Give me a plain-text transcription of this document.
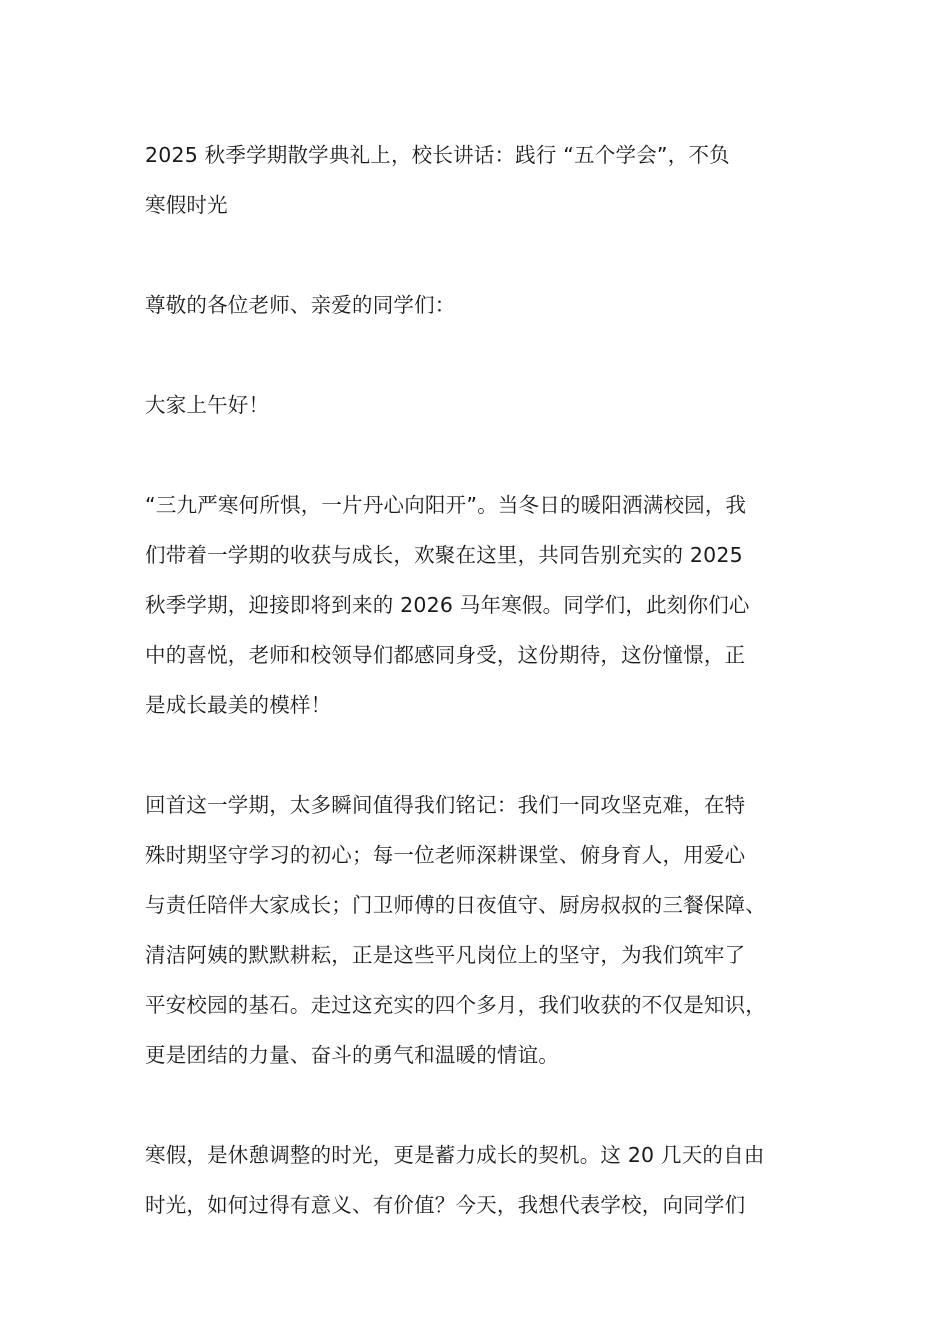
2025 秋季学期散学典礼上，校长讲话：践行 “五个学会”，不负
寒假时光

尊敬的各位老师、亲爱的同学们：

大家上午好！

“三九严寒何所惧，一片丹心向阳开”。当冬日的暖阳洒满校园，我
们带着一学期的收获与成长，欢聚在这里，共同告别充实的 2025
秋季学期，迎接即将到来的 2026 马年寒假。同学们，此刻你们心
中的喜悦，老师和校领导们都感同身受，这份期待，这份憧憬，正
是成长最美的模样！

回首这一学期，太多瞬间值得我们铭记：我们一同攻坚克难，在特
殊时期坚守学习的初心；每一位老师深耕课堂、俯身育人，用爱心
与责任陪伴大家成长；门卫师傅的日夜值守、厨房叔叔的三餐保障、
清洁阿姨的默默耕耘，正是这些平凡岗位上的坚守，为我们筑牢了
平安校园的基石。走过这充实的四个多月，我们收获的不仅是知识，
更是团结的力量、奋斗的勇气和温暖的情谊。

寒假，是休憩调整的时光，更是蓄力成长的契机。这 20 几天的自由
时光，如何过得有意义、有价值？今天，我想代表学校，向同学们
